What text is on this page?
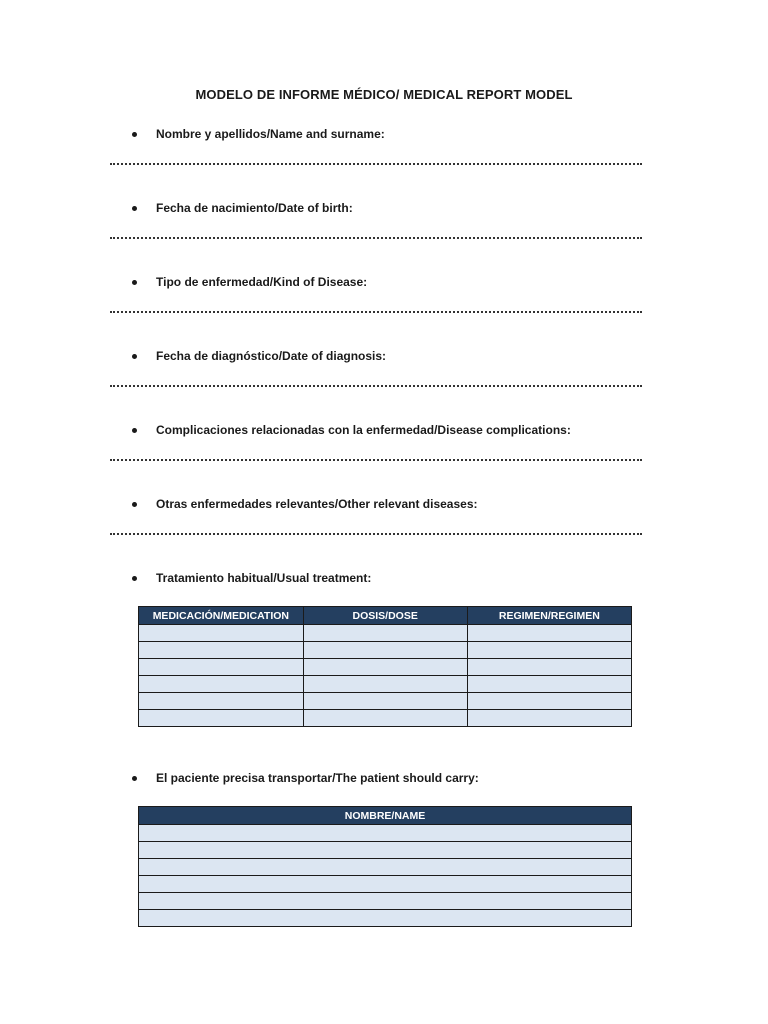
MODELO DE INFORME MÉDICO/ MEDICAL REPORT MODEL
Nombre y apellidos/Name and surname:
Fecha de nacimiento/Date of birth:
Tipo de enfermedad/Kind of Disease:
Fecha de diagnóstico/Date of diagnosis:
Complicaciones relacionadas con la enfermedad/Disease complications:
Otras enfermedades relevantes/Other relevant diseases:
Tratamiento habitual/Usual treatment:
MEDICACIÓN/MEDICATION	DOSIS/DOSE	REGIMEN/REGIMEN

El paciente precisa transportar/The patient should carry:
NOMBRE/NAME
